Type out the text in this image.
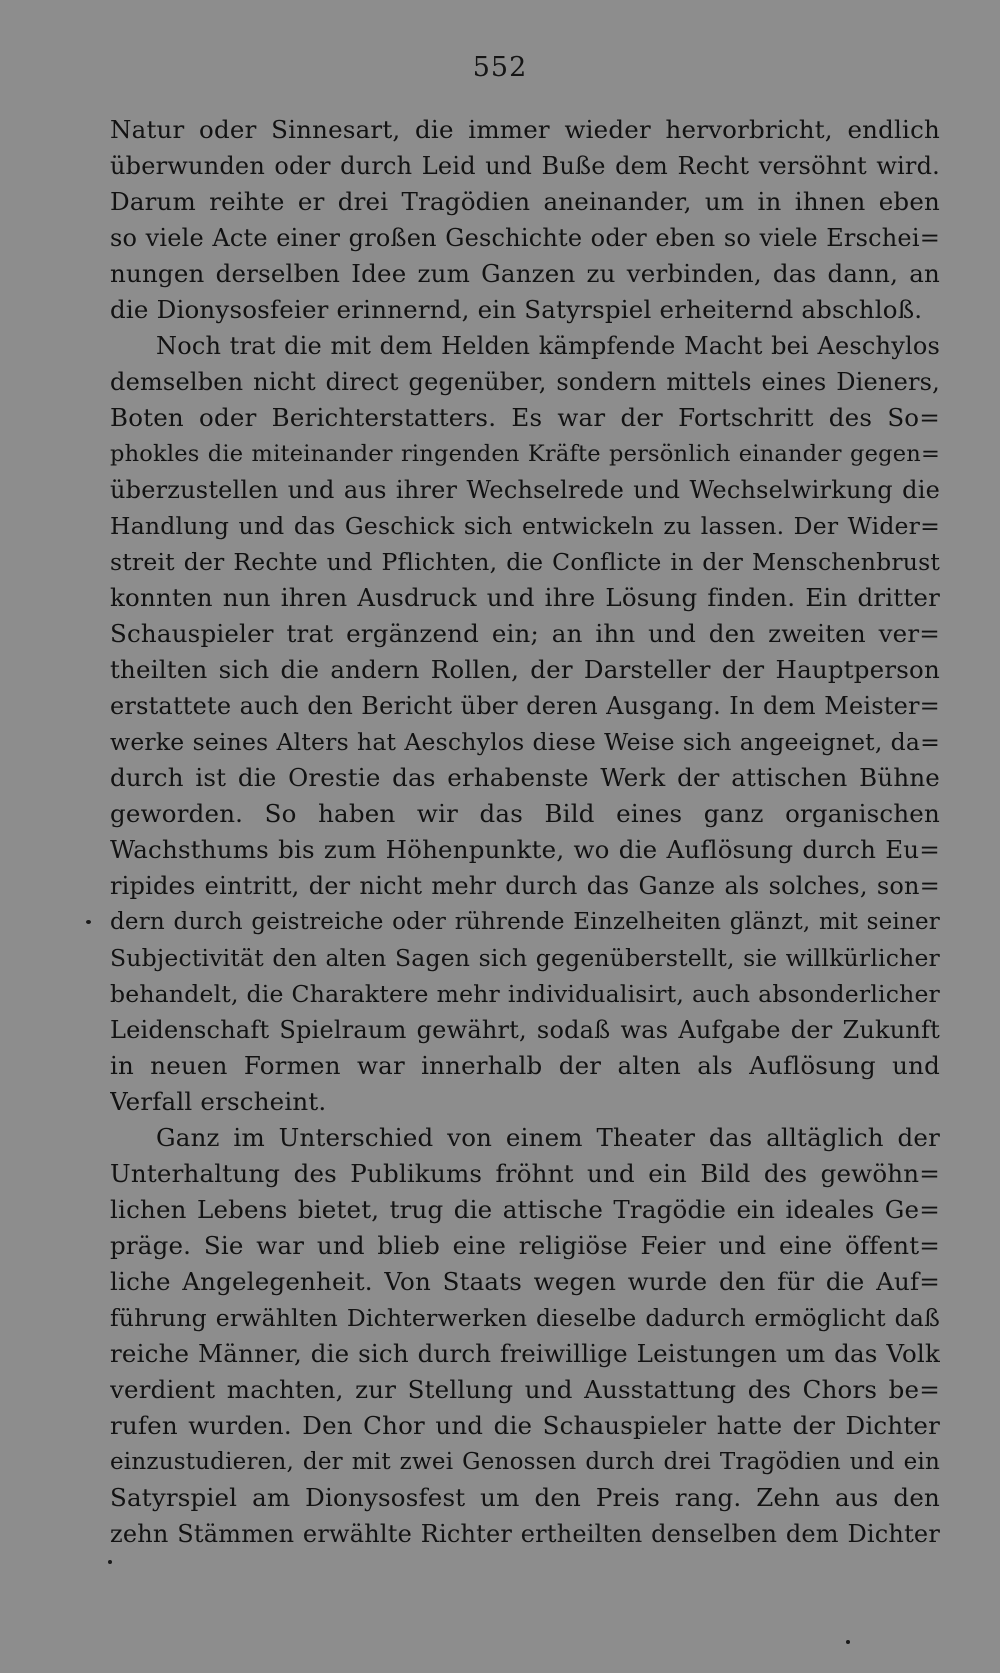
552
Natur oder Sinnesart, die immer wieder hervorbricht, endlich
überwunden oder durch Leid und Buße dem Recht versöhnt wird.
Darum reihte er drei Tragödien aneinander, um in ihnen eben
so viele Acte einer großen Geschichte oder eben so viele Erschei=
nungen derselben Idee zum Ganzen zu verbinden, das dann, an
die Dionysosfeier erinnernd, ein Satyrspiel erheiternd abschloß.
Noch trat die mit dem Helden kämpfende Macht bei Aeschylos
demselben nicht direct gegenüber, sondern mittels eines Dieners,
Boten oder Berichterstatters. Es war der Fortschritt des So=
phokles die miteinander ringenden Kräfte persönlich einander gegen=
überzustellen und aus ihrer Wechselrede und Wechselwirkung die
Handlung und das Geschick sich entwickeln zu lassen. Der Wider=
streit der Rechte und Pflichten, die Conflicte in der Menschenbrust
konnten nun ihren Ausdruck und ihre Lösung finden. Ein dritter
Schauspieler trat ergänzend ein; an ihn und den zweiten ver=
theilten sich die andern Rollen, der Darsteller der Hauptperson
erstattete auch den Bericht über deren Ausgang. In dem Meister=
werke seines Alters hat Aeschylos diese Weise sich angeeignet, da=
durch ist die Orestie das erhabenste Werk der attischen Bühne
geworden. So haben wir das Bild eines ganz organischen
Wachsthums bis zum Höhenpunkte, wo die Auflösung durch Eu=
ripides eintritt, der nicht mehr durch das Ganze als solches, son=
dern durch geistreiche oder rührende Einzelheiten glänzt, mit seiner
Subjectivität den alten Sagen sich gegenüberstellt, sie willkürlicher
behandelt, die Charaktere mehr individualisirt, auch absonderlicher
Leidenschaft Spielraum gewährt, sodaß was Aufgabe der Zukunft
in neuen Formen war innerhalb der alten als Auflösung und
Verfall erscheint.
Ganz im Unterschied von einem Theater das alltäglich der
Unterhaltung des Publikums fröhnt und ein Bild des gewöhn=
lichen Lebens bietet, trug die attische Tragödie ein ideales Ge=
präge. Sie war und blieb eine religiöse Feier und eine öffent=
liche Angelegenheit. Von Staats wegen wurde den für die Auf=
führung erwählten Dichterwerken dieselbe dadurch ermöglicht daß
reiche Männer, die sich durch freiwillige Leistungen um das Volk
verdient machten, zur Stellung und Ausstattung des Chors be=
rufen wurden. Den Chor und die Schauspieler hatte der Dichter
einzustudieren, der mit zwei Genossen durch drei Tragödien und ein
Satyrspiel am Dionysosfest um den Preis rang. Zehn aus den
zehn Stämmen erwählte Richter ertheilten denselben dem Dichter
